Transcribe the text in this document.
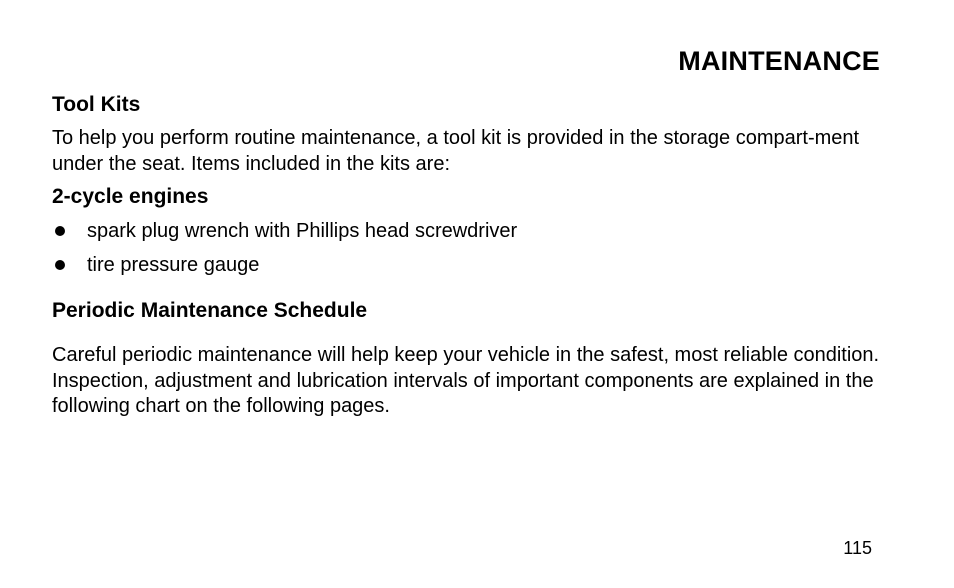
MAINTENANCE
Tool Kits

To help you perform routine maintenance, a tool kit is provided in the storage compart-ment under the seat. Items included in the kits are:

2-cycle engines
spark plug wrench with Phillips head screwdriver
tire pressure gauge
Periodic Maintenance Schedule

Careful periodic maintenance will help keep your vehicle in the safest, most reliable condition. Inspection, adjustment and lubrication intervals of important components are explained in the following chart on the following pages.

115
